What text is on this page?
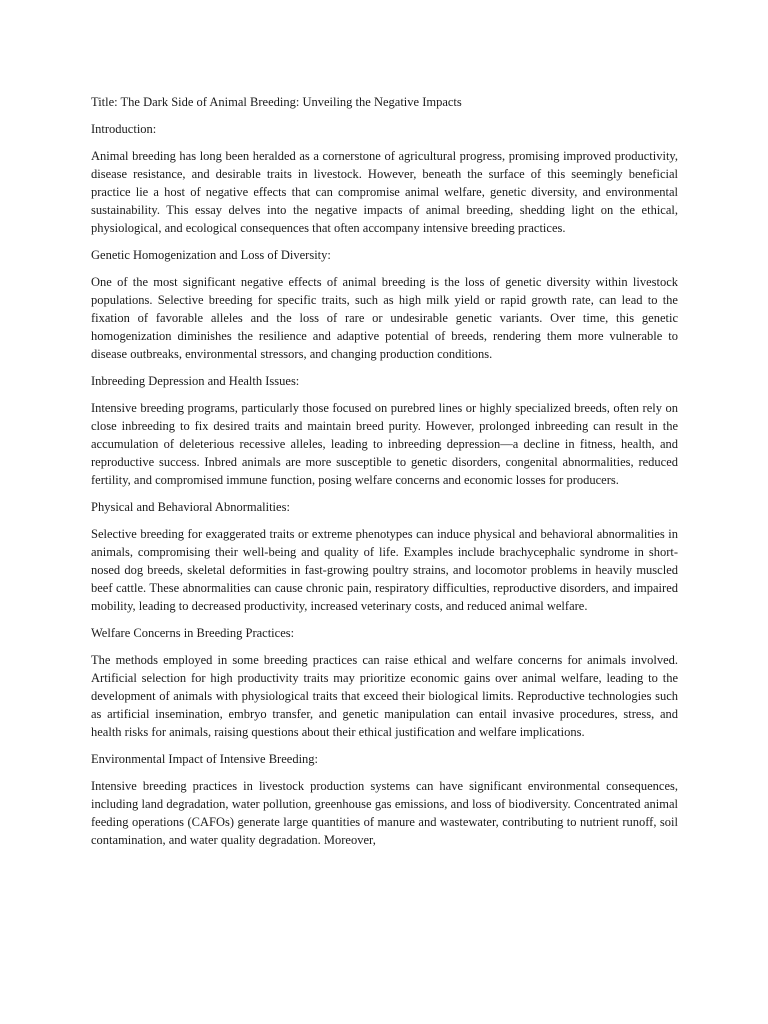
Title: The Dark Side of Animal Breeding: Unveiling the Negative Impacts

Introduction:

Animal breeding has long been heralded as a cornerstone of agricultural progress, promising improved productivity, disease resistance, and desirable traits in livestock. However, beneath the surface of this seemingly beneficial practice lie a host of negative effects that can compromise animal welfare, genetic diversity, and environmental sustainability. This essay delves into the negative impacts of animal breeding, shedding light on the ethical, physiological, and ecological consequences that often accompany intensive breeding practices.

Genetic Homogenization and Loss of Diversity:

One of the most significant negative effects of animal breeding is the loss of genetic diversity within livestock populations. Selective breeding for specific traits, such as high milk yield or rapid growth rate, can lead to the fixation of favorable alleles and the loss of rare or undesirable genetic variants. Over time, this genetic homogenization diminishes the resilience and adaptive potential of breeds, rendering them more vulnerable to disease outbreaks, environmental stressors, and changing production conditions.

Inbreeding Depression and Health Issues:

Intensive breeding programs, particularly those focused on purebred lines or highly specialized breeds, often rely on close inbreeding to fix desired traits and maintain breed purity. However, prolonged inbreeding can result in the accumulation of deleterious recessive alleles, leading to inbreeding depression—a decline in fitness, health, and reproductive success. Inbred animals are more susceptible to genetic disorders, congenital abnormalities, reduced fertility, and compromised immune function, posing welfare concerns and economic losses for producers.

Physical and Behavioral Abnormalities:

Selective breeding for exaggerated traits or extreme phenotypes can induce physical and behavioral abnormalities in animals, compromising their well-being and quality of life. Examples include brachycephalic syndrome in short-nosed dog breeds, skeletal deformities in fast-growing poultry strains, and locomotor problems in heavily muscled beef cattle. These abnormalities can cause chronic pain, respiratory difficulties, reproductive disorders, and impaired mobility, leading to decreased productivity, increased veterinary costs, and reduced animal welfare.

Welfare Concerns in Breeding Practices:

The methods employed in some breeding practices can raise ethical and welfare concerns for animals involved. Artificial selection for high productivity traits may prioritize economic gains over animal welfare, leading to the development of animals with physiological traits that exceed their biological limits. Reproductive technologies such as artificial insemination, embryo transfer, and genetic manipulation can entail invasive procedures, stress, and health risks for animals, raising questions about their ethical justification and welfare implications.

Environmental Impact of Intensive Breeding:

Intensive breeding practices in livestock production systems can have significant environmental consequences, including land degradation, water pollution, greenhouse gas emissions, and loss of biodiversity. Concentrated animal feeding operations (CAFOs) generate large quantities of manure and wastewater, contributing to nutrient runoff, soil contamination, and water quality degradation. Moreover,
